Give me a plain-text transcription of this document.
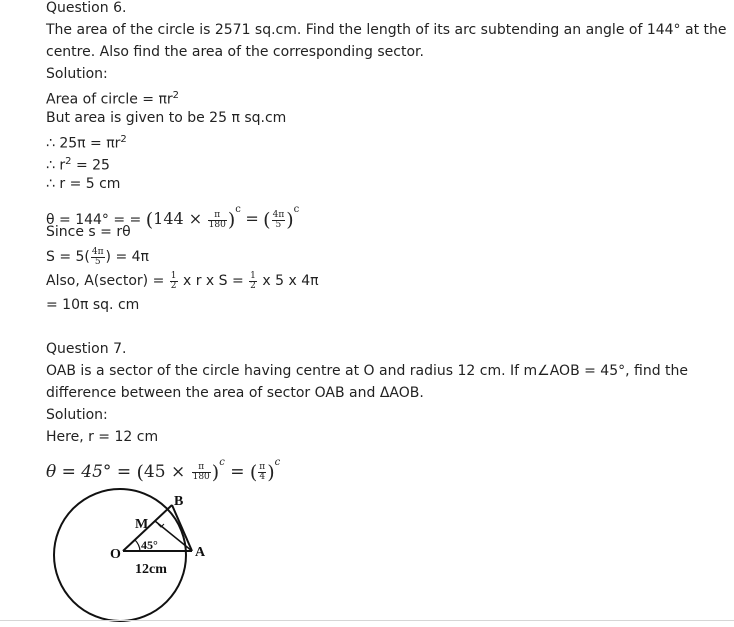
Question 6.
The area of the circle is 2571 sq.cm. Find the length of its arc subtending an angle of 144° at the
centre. Also find the area of the corresponding sector.
Solution:
Area of circle = $\pi r^2$
But area is given to be 25 π sq.cm
∴ $25\pi = \pi r^2$
∴ $r^2 = 25$
∴ r = 5 cm
θ = 144° = = $(144 \times \frac{\pi}{180} )^c$ = ( $\frac{4\pi}{5} )^c$
Since s = rθ
$S = 5( \frac{4\pi}{5}$ ) = 4π
Also, A(sector) = $\frac{1}{2}$ x r x $S = \frac{1}{2}$ x 5 x 4π
= 10π sq. cm
Question 7.
OAB is a sector of the circle having centre at O and radius 12 cm. If m∠AOB = 45°, find the
difference between the area of sector OAB and ΔAOB.
Solution:
Here, r = 12 cm
$\theta = 45^\circ = (45 \times \frac{\pi}{180} )^c$ = ( $\frac{\pi}{4} )^c$
B
M
O	A
45°
12cm
